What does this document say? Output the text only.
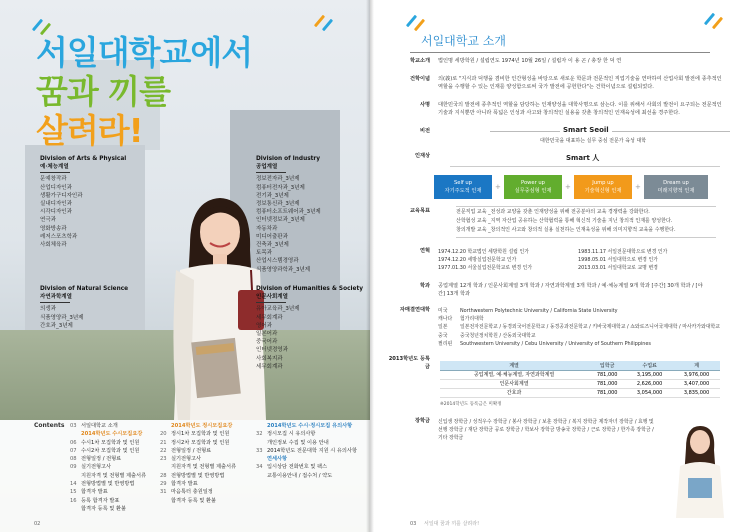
서일대학교에서
꿈과 끼를
살려라!
Division of Arts & Physical
예·체능계열
문예창작과
산업디자인과
생활가구디자인과
실내디자인과
시각디자인과
연극과
영화방송과
레저스포츠학과
사회체육과
Division of Industry
공업계열
정보전자과_3년제
컴퓨터전자과_3년제
전기과_3년제
정보통신과_3년제
컴퓨터소프트웨어과_3년제
인터넷정보과_3년제
자동차과
미디어출판과
건축과_3년제
토목과
산업시스템경영과
식품영양과학과_3년제
Division of Natural Science
자연과학계열
의생과
식품영양과_3년제
간호과_3년제
Division of Humanities & Society
인문사회계열
유아교육과_3년제
세무회계과
영어과
일본어과
중국어과
인터넷경영과
사회복지과
세무회계과
Contents 03 서일대학교 소개
2014학년도 수시모집요강
06 수시1차 모집학과 및 인원
07 수시2차 모집학과 및 인원
08 전형일정 / 전형료
09 실기전형고사
지원자격 및 전형별 제출서류
14 전형방법별 및 반영방법
15 합격자 발표
16 등록 합격자 발표
합격자 등록 및 환불
2014학년도 정시모집요강
20 정시1차 모집학과 및 인원
21 정시2차 모집학과 및 인원
22 전형일정 / 전형료
23 실기전형고사
지원자격 및 전형별 제출서류
28 전형방법별 및 반영방법
29 합격자 발표
31 마음톡터 충원일정
합격자 등록 및 환불
2014학년도 수시·정시모집 유의사항
32 정시모집 시 유의사항
개인정보 수집 및 이용 안내
33 2014학년도 전문대학 지원 시 유의사항
연세사항
34 입시상담 전화번호 및 팩스
교통이용안내 / 접수처 / 약도
02
서일대학교 소개
학교소개 법인명 세방학원 / 설립연도 1974년 10월 26일 / 설립자 이 용 곤 / 총장 한 덕 연
건학이념 의(義)로 "지식과 덕행을 겸비한 인간형성을 바탕으로 새로운 학문과 전문적인 직업기술을 연마하여 산업사회 발전에 종추적인 역할을 수행할 수 있는 인재를 양성함으로써 국가 발전에 공헌한다"는 건학이념으로 설립되었다.
사명 대한민국의 발전에 종추적인 역할을 담당하는 인재양성을 대학사명으로 삼는다. 이를 위해서 사회의 발전이 요구되는 전문적인 기술과 지식뿐만 아니라 폭넓은 인성과 사고와 창의적인 실용을 갖춘 창의적인 인재육성에 최선을 경주한다.
비전	Smart Seoil
대한민국을 대표하는 실무 중심 전문가 육성 대학
인재상	Smart 人
Self up
자기주도적 인재	+	Power up
실무중심형 인재	+	Jump up
기술혁신형 인재	+	Dream up
미래지향적 인재
교육목표	전문직업 교육 _전성과 교양을 갖춘 인재양성을 위해 전공분야의 교육 경쟁력을 강화한다.
산학협성 교육 _지역 자산업 공유하는 산학협력을 통해 혁신적 기술을 지닌 창의적 인재를 양성한다.
창의개발 교육 _창의적인 사고와 창의적 실용 실천하는 인재육성을 위해 의미지향적 교육을 수행한다.
연혁 1974.12.20 학교법인 세방학원 설립 인가	1983.11.17 서일전문대학으로 변경 인가
1974.12.20 세방실업전문학교 인가	1998.05.01 서일대학으로 변경 인가
1977.01.30 서울실업전문학교로 변경 인가	2013.03.01 서일대학교로 교명 변경
학과 공업계열 12개 학과 / 인문사회계열 3개 학과 / 자연과학계열 3개 학과 / 예·체능계열 9개 학과 [주간] 30개 학과 / [야간] 13개 학과
자매결연대학 미국	Northwestern Polytechnic University / California State University
캐나다	험가리대학
일본	일본전자전문학교 / 동경외국어전문학교 / 동경공과전문학교 / 키바국제대학교 / 쇼와로즈니어국제대학 / 마사카가와대학교
중국	중국청년정치학원 / 산동외국대학교
필리핀	Southwestern University / Cebu University / University of Southern Philippines
2013학년도 등록금	계열	입학금	수업료	계
공업계열, 예·체능계열, 자연과학계열	781,000	3,195,000	3,976,000
인문사회계열	781,000	2,626,000	3,407,000
간호과	781,000	3,054,000	3,835,000
※2014학년도 등록금은 미확정
장학금 신입생 장학금 / 성적우수 장학금 / 봉사 장학금 / 보훈 장학금 / 복지 장학금 제작자녀 장학금 / 효행 및 선행 장학금 / 재단 장학금 공로 장학금 / 학보사 장학금 방송국 장학금 / 근로 장학금 / 한가족 장학금 / 기타 장학금
03 서일대 꿈과 끼를 살려라!
